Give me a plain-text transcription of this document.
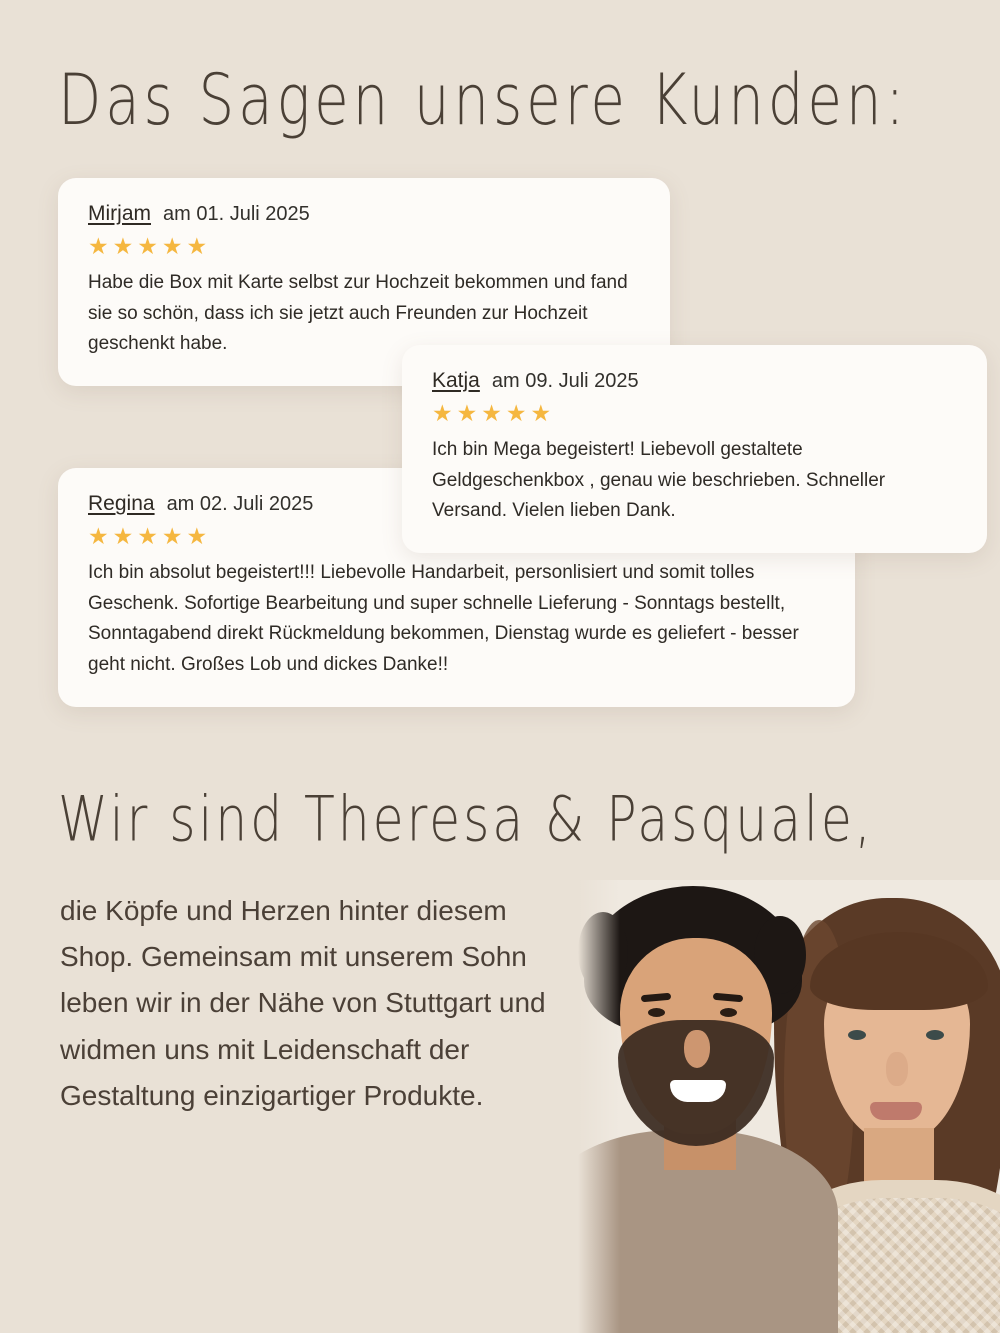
Das Sagen unsere Kunden:
Mirjam am 01. Juli 2025
★★★★★
Habe die Box mit Karte selbst zur Hochzeit bekommen und fand sie so schön, dass ich sie jetzt auch Freunden zur Hochzeit geschenkt habe.
Katja am 09. Juli 2025
★★★★★
Ich bin Mega begeistert! Liebevoll gestaltete Geldgeschenkbox , genau wie beschrieben. Schneller Versand. Vielen lieben Dank.
Regina am 02. Juli 2025
★★★★★
Ich bin absolut begeistert!!! Liebevolle Handarbeit, personlisiert und somit tolles Geschenk. Sofortige Bearbeitung und super schnelle Lieferung - Sonntags bestellt, Sonntagabend direkt Rückmeldung bekommen, Dienstag wurde es geliefert - besser geht nicht. Großes Lob und dickes Danke!!
Wir sind Theresa & Pasquale,
die Köpfe und Herzen hinter diesem Shop. Gemeinsam mit unserem Sohn leben wir in der Nähe von Stuttgart und widmen uns mit Leidenschaft der Gestaltung einzigartiger Produkte.
